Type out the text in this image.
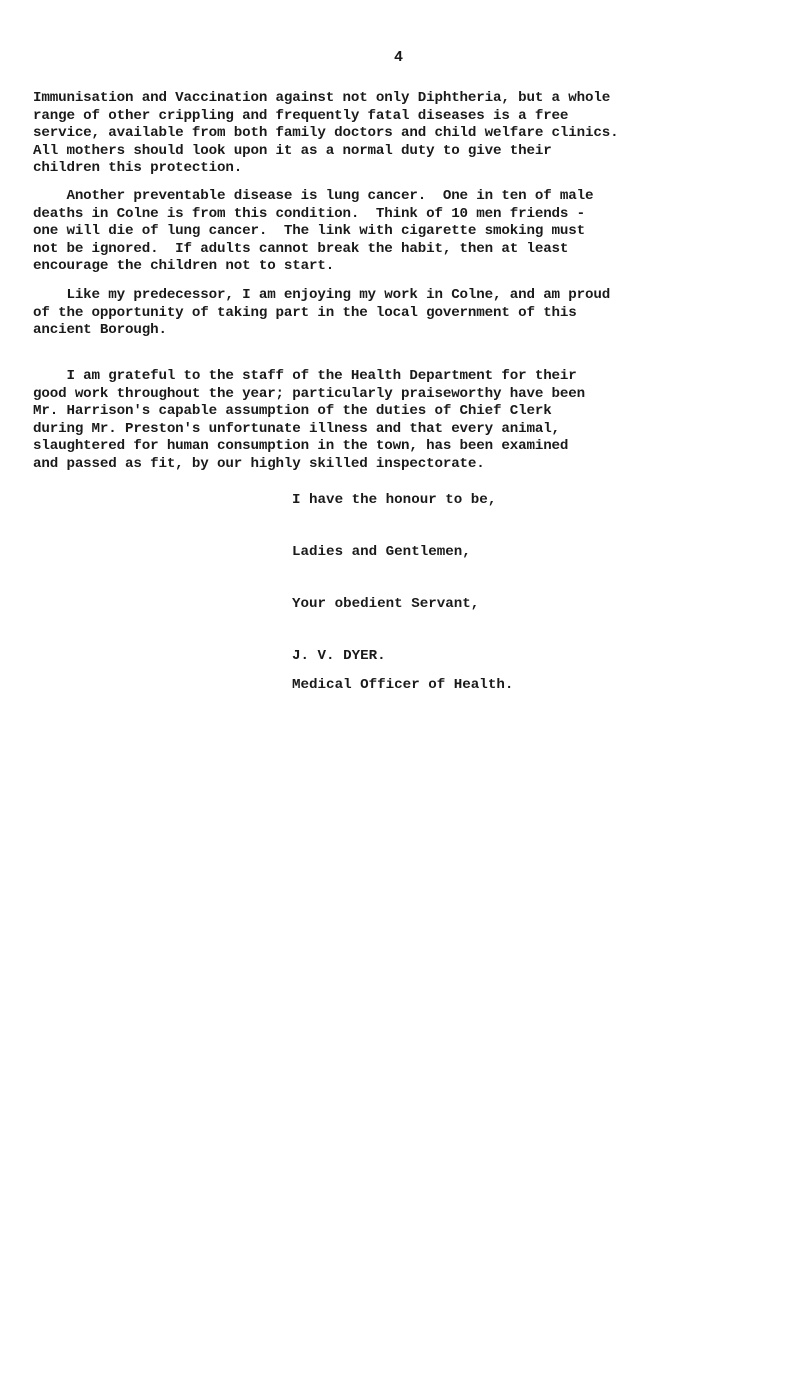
4
Immunisation and Vaccination against not only Diphtheria, but a whole
range of other crippling and frequently fatal diseases is a free
service, available from both family doctors and child welfare clinics.
All mothers should look upon it as a normal duty to give their
children this protection.
Another preventable disease is lung cancer.  One in ten of male
deaths in Colne is from this condition.  Think of 10 men friends -
one will die of lung cancer.  The link with cigarette smoking must
not be ignored.  If adults cannot break the habit, then at least
encourage the children not to start.
Like my predecessor, I am enjoying my work in Colne, and am proud
of the opportunity of taking part in the local government of this
ancient Borough.
I am grateful to the staff of the Health Department for their
good work throughout the year; particularly praiseworthy have been
Mr. Harrison's capable assumption of the duties of Chief Clerk
during Mr. Preston's unfortunate illness and that every animal,
slaughtered for human consumption in the town, has been examined
and passed as fit, by our highly skilled inspectorate.
I have the honour to be,
Ladies and Gentlemen,
Your obedient Servant,
J. V. DYER.
Medical Officer of Health.
